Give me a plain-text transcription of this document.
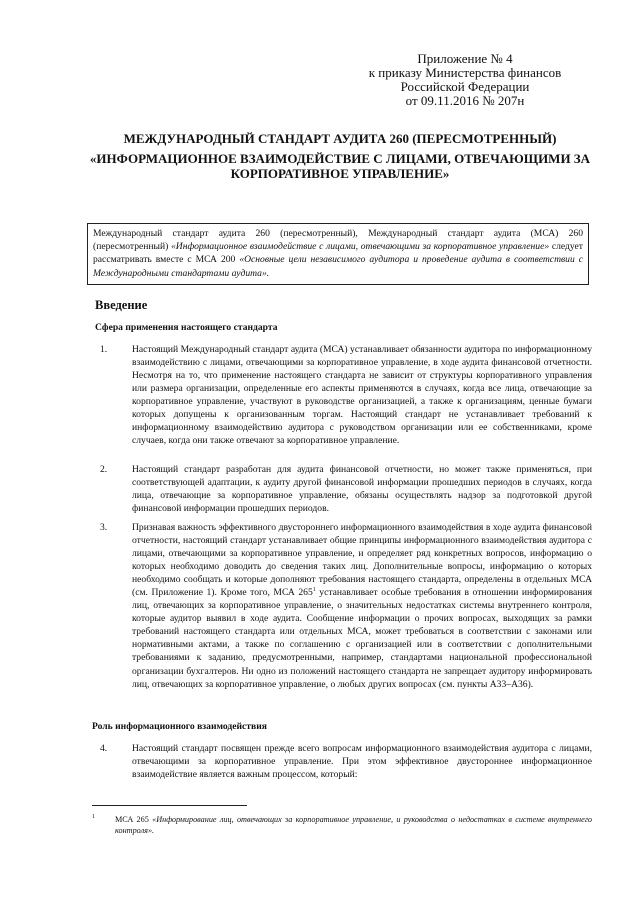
Приложение № 4
к приказу Министерства финансов
Российской Федерации
от 09.11.2016 № 207н
МЕЖДУНАРОДНЫЙ СТАНДАРТ АУДИТА 260 (ПЕРЕСМОТРЕННЫЙ)
«ИНФОРМАЦИОННОЕ ВЗАИМОДЕЙСТВИЕ С ЛИЦАМИ, ОТВЕЧАЮЩИМИ ЗА КОРПОРАТИВНОЕ УПРАВЛЕНИЕ»
Международный стандарт аудита 260 (пересмотренный), Международный стандарт аудита (МСА) 260 (пересмотренный) «Информационное взаимодействие с лицами, отвечающими за корпоративное управление» следует рассматривать вместе с МСА 200 «Основные цели независимого аудитора и проведение аудита в соответствии с Международными стандартами аудита».
Введение
Сфера применения настоящего стандарта
1.	Настоящий Международный стандарт аудита (МСА) устанавливает обязанности аудитора по информационному взаимодействию с лицами, отвечающими за корпоративное управление, в ходе аудита финансовой отчетности. Несмотря на то, что применение настоящего стандарта не зависит от структуры корпоративного управления или размера организации, определенные его аспекты применяются в случаях, когда все лица, отвечающие за корпоративное управление, участвуют в руководстве организацией, а также к организациям, ценные бумаги которых допущены к организованным торгам. Настоящий стандарт не устанавливает требований к информационному взаимодействию аудитора с руководством организации или ее собственниками, кроме случаев, когда они также отвечают за корпоративное управление.
2.	Настоящий стандарт разработан для аудита финансовой отчетности, но может также применяться, при соответствующей адаптации, к аудиту другой финансовой информации прошедших периодов в случаях, когда лица, отвечающие за корпоративное управление, обязаны осуществлять надзор за подготовкой другой финансовой информации прошедших периодов.
3.	Признавая важность эффективного двустороннего информационного взаимодействия в ходе аудита финансовой отчетности, настоящий стандарт устанавливает общие принципы информационного взаимодействия аудитора с лицами, отвечающими за корпоративное управление, и определяет ряд конкретных вопросов, информацию о которых необходимо доводить до сведения таких лиц. Дополнительные вопросы, информацию о которых необходимо сообщать и которые дополняют требования настоящего стандарта, определены в отдельных МСА (см. Приложение 1). Кроме того, МСА $265^1$ устанавливает особые требования в отношении информирования лиц, отвечающих за корпоративное управление, о значительных недостатках системы внутреннего контроля, которые аудитор выявил в ходе аудита. Сообщение информации о прочих вопросах, выходящих за рамки требований настоящего стандарта или отдельных МСА, может требоваться в соответствии с законами или нормативными актами, а также по соглашению с организацией или в соответствии с дополнительными требованиями к заданию, предусмотренными, например, стандартами национальной профессиональной организации бухгалтеров. Ни одно из положений настоящего стандарта не запрещает аудитору информировать лиц, отвечающих за корпоративное управление, о любых других вопросах (см. пункты А33–А36).
Роль информационного взаимодействия
4.	Настоящий стандарт посвящен прежде всего вопросам информационного взаимодействия аудитора с лицами, отвечающими за корпоративное управление. При этом эффективное двустороннее информационное взаимодействие является важным процессом, который:
1 МСА 265 «Информирование лиц, отвечающих за корпоративное управление, и руководства о недостатках в системе внутреннего контроля».
